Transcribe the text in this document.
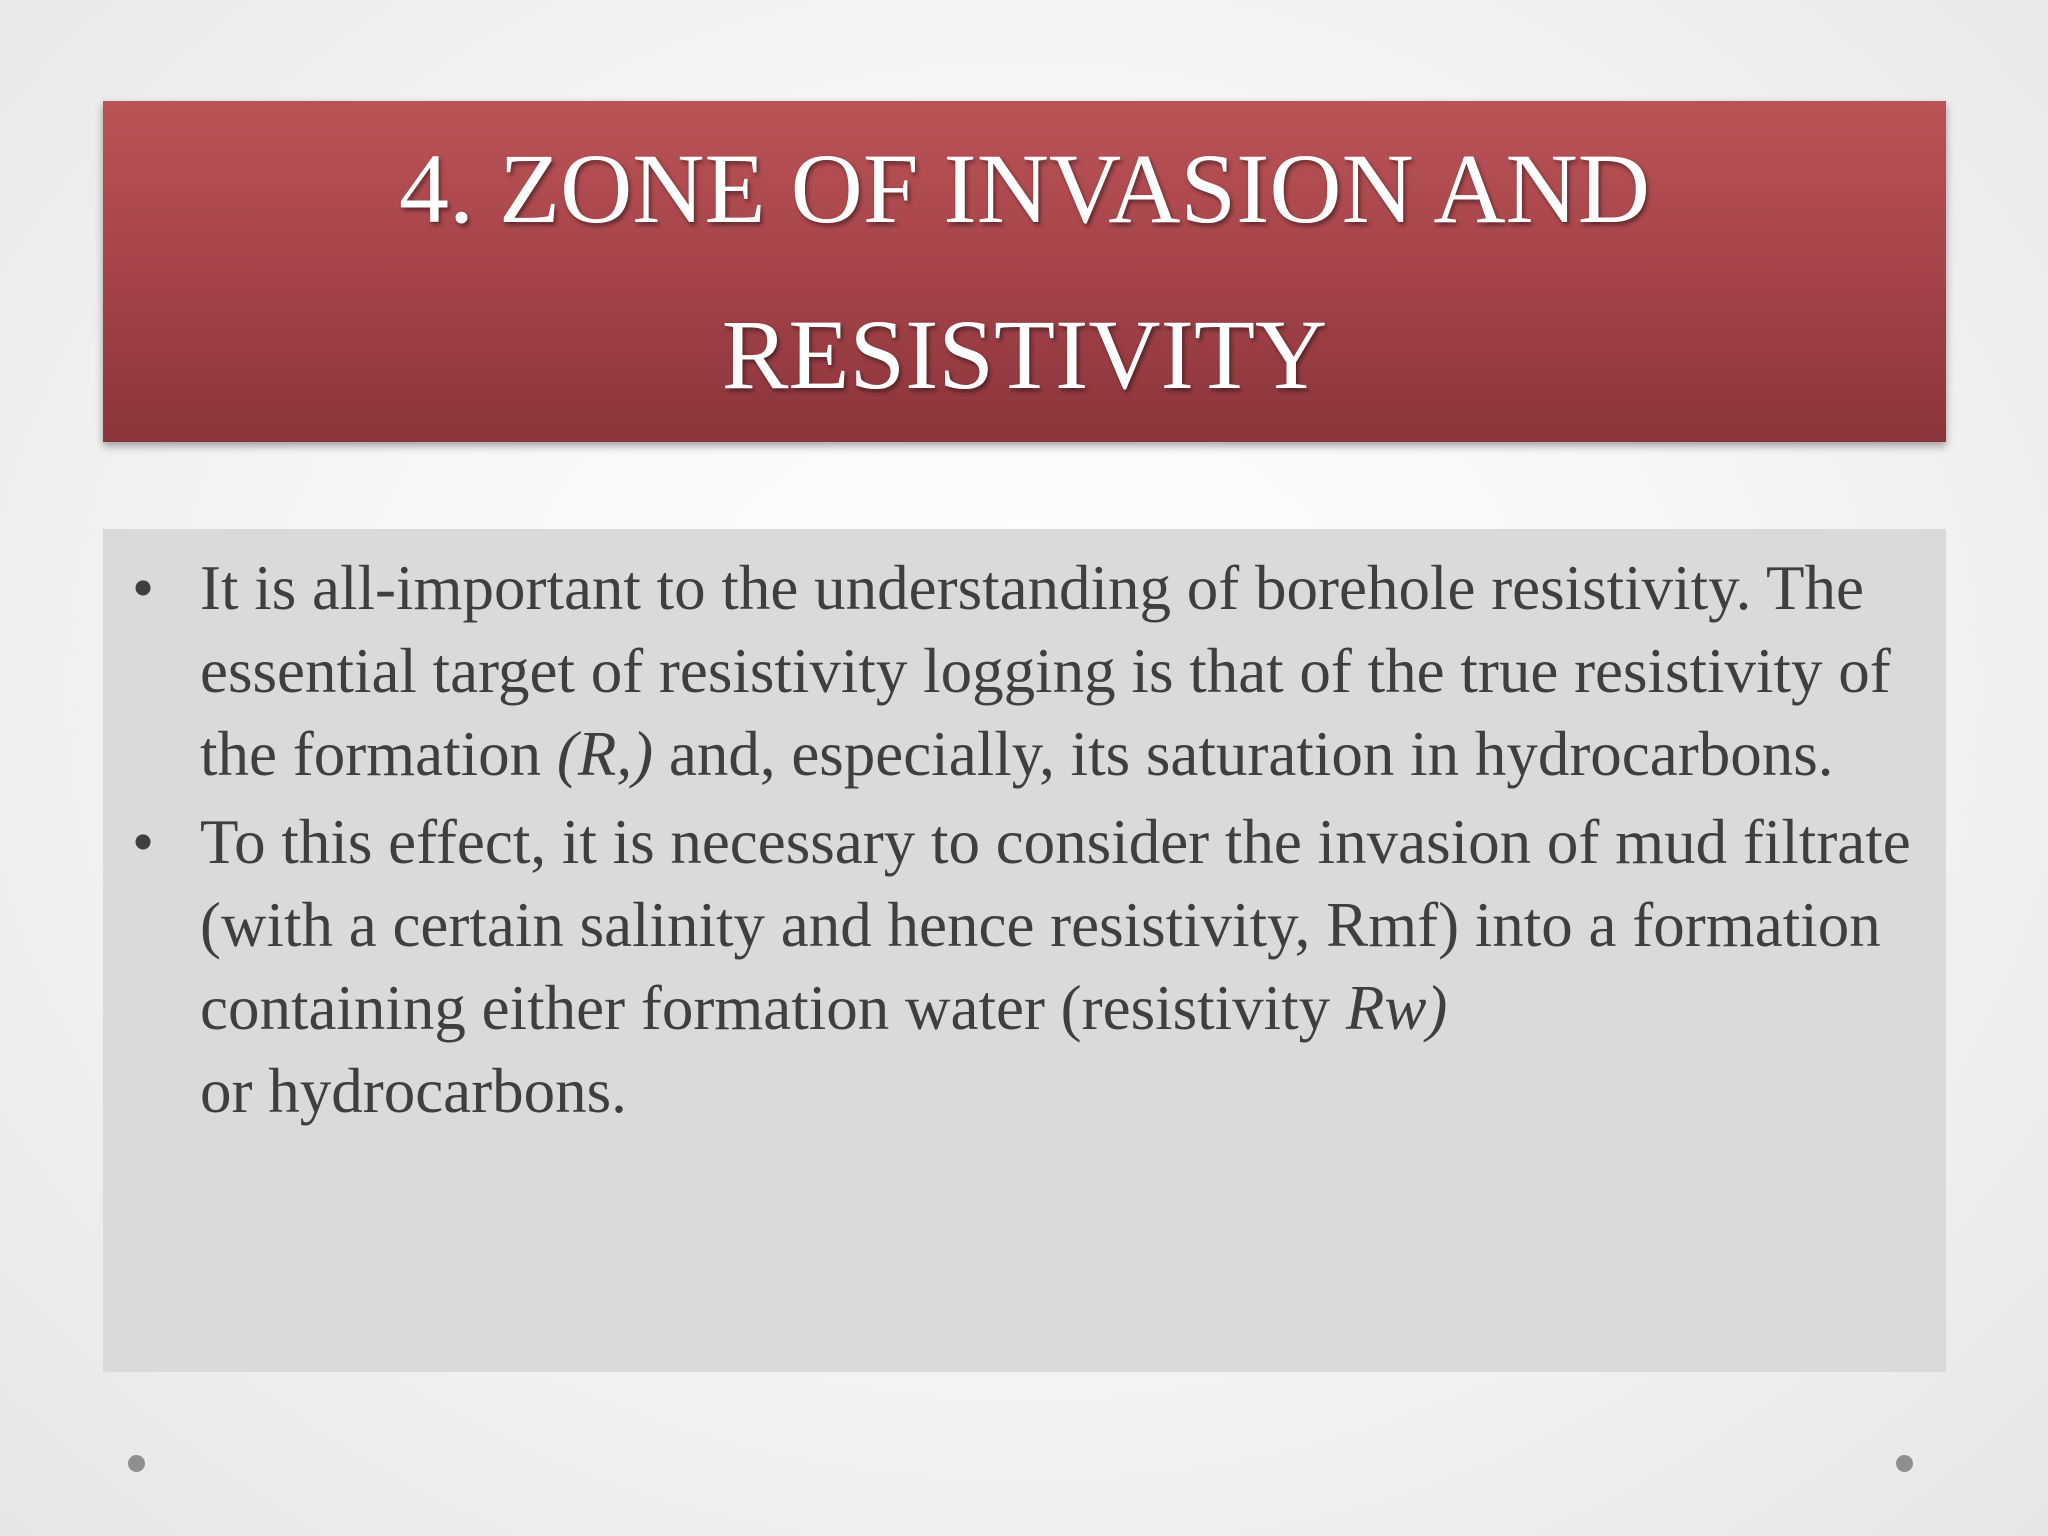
4. ZONE OF INVASION AND
RESISTIVITY
• It is all-important to the understanding of borehole resistivity. The essential target of resistivity logging is that of the true resistivity of the formation (R,) and, especially, its saturation in hydrocarbons.
• To this effect, it is necessary to consider the invasion of mud filtrate (with a certain salinity and hence resistivity, Rmf) into a formation containing either formation water (resistivity Rw)
or hydrocarbons.
